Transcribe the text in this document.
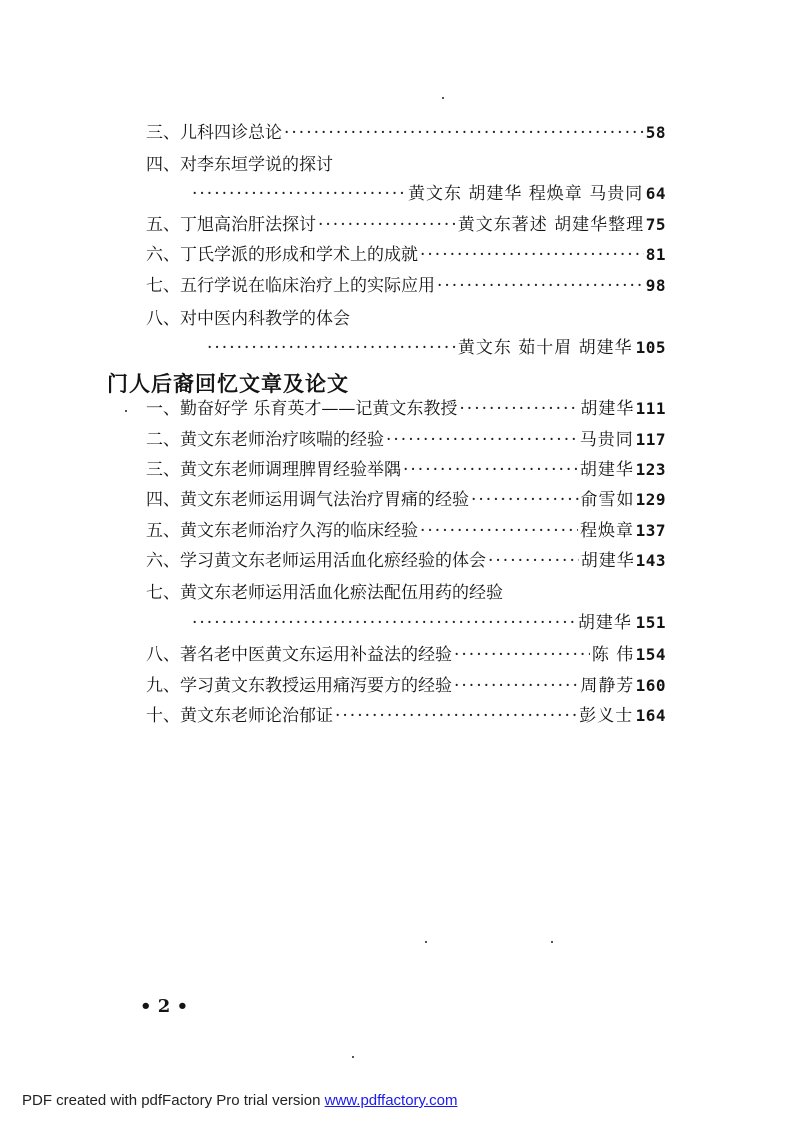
三、 儿科四诊总论 ·····	58
四、对李东垣学说的探讨
·····
黄文东 胡建华 程焕章 马贵同 64
五、 丁旭高治肝法探讨 ·····	黄文东著述 胡建华整理 75
六、 丁氏学派的形成和学术上的成就 ·····	81
七、 五行学说在临床治疗上的实际应用 ·····	98
八、对中医内科教学的体会
·····
黄文东 茹十眉 胡建华 105
门人后裔回忆文章及论文
一、 勤奋好学 乐育英才——记黄文东教授 ·····	胡建华 111
二、 黄文东老师治疗咳喘的经验 ·····	马贵同 117
三、 黄文东老师调理脾胃经验举隅 ·····	胡建华 123
四、 黄文东老师运用调气法治疗胃痛的经验 ·····	俞雪如 129
五、 黄文东老师治疗久泻的临床经验 ·····	程焕章 137
六、 学习黄文东老师运用活血化瘀经验的体会 ·····	胡建华 143
七、黄文东老师运用活血化瘀法配伍用药的经验
·····
胡建华 151
八、 著名老中医黄文东运用补益法的经验 ·····	陈 伟 154
九、 学习黄文东教授运用痛泻要方的经验 ·····	周静芳 160
十、 黄文东老师论治郁证 ·····	彭义士 164
• 2 •
PDF created with pdfFactory Pro trial version www.pdffactory.com
